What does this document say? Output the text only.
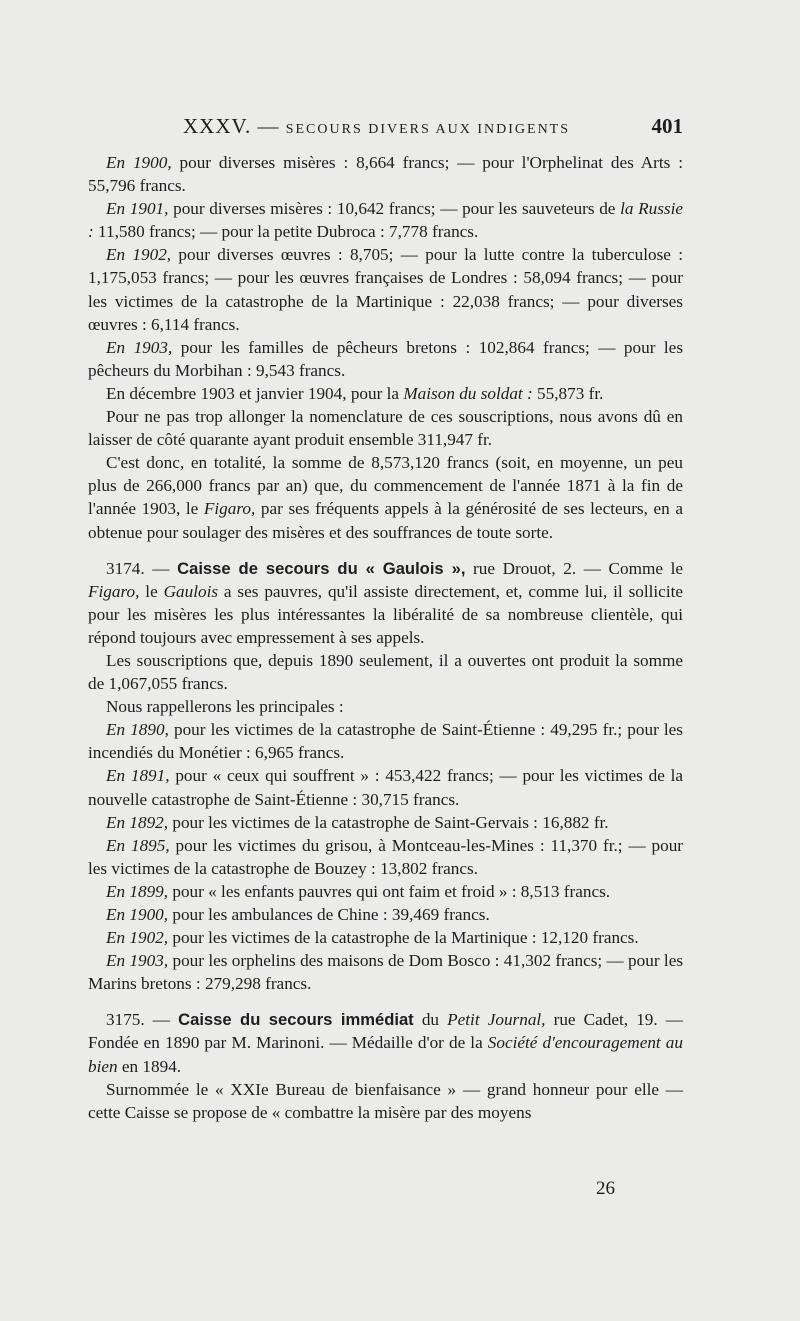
XXXV. — SECOURS DIVERS AUX INDIGENTS	401

En 1900, pour diverses misères : 8,664 francs; — pour l'Orphelinat des Arts : 55,796 francs.

En 1901, pour diverses misères : 10,642 francs; — pour les sauveteurs de la Russie : 11,580 francs; — pour la petite Dubroca : 7,778 francs.

En 1902, pour diverses œuvres : 8,705; — pour la lutte contre la tuberculose : 1,175,053 francs; — pour les œuvres françaises de Londres : 58,094 francs; — pour les victimes de la catastrophe de la Martinique : 22,038 francs; — pour diverses œuvres : 6,114 francs.

En 1903, pour les familles de pêcheurs bretons : 102,864 francs; — pour les pêcheurs du Morbihan : 9,543 francs.

En décembre 1903 et janvier 1904, pour la Maison du soldat : 55,873 fr.

Pour ne pas trop allonger la nomenclature de ces souscriptions, nous avons dû en laisser de côté quarante ayant produit ensemble 311,947 fr.

C'est donc, en totalité, la somme de 8,573,120 francs (soit, en moyenne, un peu plus de 266,000 francs par an) que, du commencement de l'année 1871 à la fin de l'année 1903, le Figaro, par ses fréquents appels à la générosité de ses lecteurs, en a obtenue pour soulager des misères et des souffrances de toute sorte.

3174. — Caisse de secours du « Gaulois », rue Drouot, 2. — Comme le Figaro, le Gaulois a ses pauvres, qu'il assiste directement, et, comme lui, il sollicite pour les misères les plus intéressantes la libéralité de sa nombreuse clientèle, qui répond toujours avec empressement à ses appels.

Les souscriptions que, depuis 1890 seulement, il a ouvertes ont produit la somme de 1,067,055 francs.

Nous rappellerons les principales :

En 1890, pour les victimes de la catastrophe de Saint-Étienne : 49,295 fr.; pour les incendiés du Monétier : 6,965 francs.

En 1891, pour « ceux qui souffrent » : 453,422 francs; — pour les victimes de la nouvelle catastrophe de Saint-Étienne : 30,715 francs.

En 1892, pour les victimes de la catastrophe de Saint-Gervais : 16,882 fr.

En 1895, pour les victimes du grisou, à Montceau-les-Mines : 11,370 fr.; — pour les victimes de la catastrophe de Bouzey : 13,802 francs.

En 1899, pour « les enfants pauvres qui ont faim et froid » : 8,513 francs.

En 1900, pour les ambulances de Chine : 39,469 francs.

En 1902, pour les victimes de la catastrophe de la Martinique : 12,120 francs.

En 1903, pour les orphelins des maisons de Dom Bosco : 41,302 francs; — pour les Marins bretons : 279,298 francs.

3175. — Caisse du secours immédiat du Petit Journal, rue Cadet, 19. — Fondée en 1890 par M. Marinoni. — Médaille d'or de la Société d'encouragement au bien en 1894.

Surnommée le « XXIe Bureau de bienfaisance » — grand honneur pour elle — cette Caisse se propose de « combattre la misère par des moyens

26
